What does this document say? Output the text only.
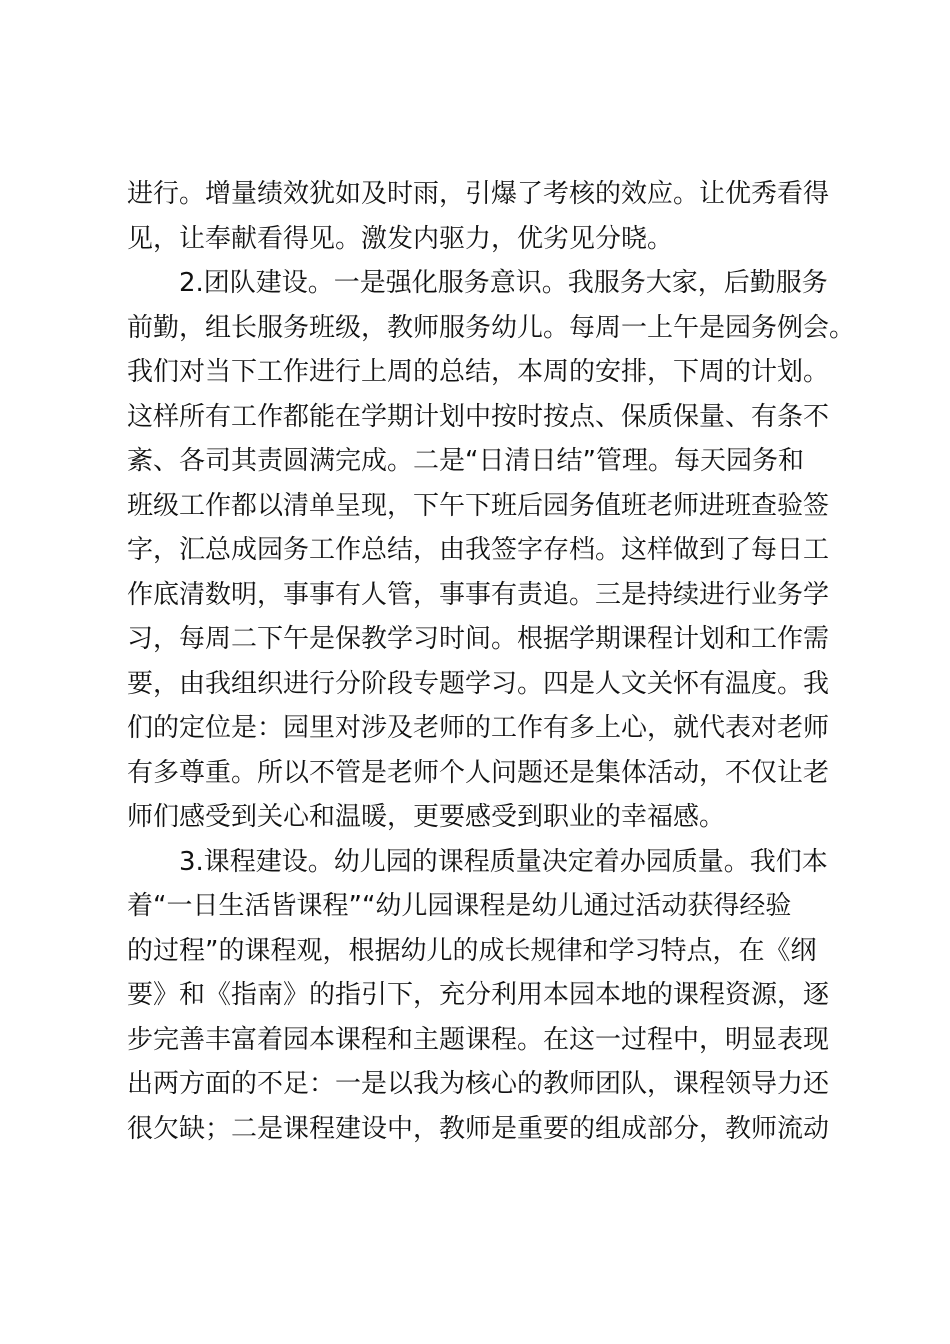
进行。增量绩效犹如及时雨，引爆了考核的效应。让优秀看得
见，让奉献看得见。激发内驱力，优劣见分晓。
2.团队建设。一是强化服务意识。我服务大家，后勤服务
前勤，组长服务班级，教师服务幼儿。每周一上午是园务例会。
我们对当下工作进行上周的总结，本周的安排，下周的计划。
这样所有工作都能在学期计划中按时按点、保质保量、有条不
紊、各司其责圆满完成。二是“日清日结”管理。每天园务和
班级工作都以清单呈现，下午下班后园务值班老师进班查验签
字，汇总成园务工作总结，由我签字存档。这样做到了每日工
作底清数明，事事有人管，事事有责追。三是持续进行业务学
习，每周二下午是保教学习时间。根据学期课程计划和工作需
要，由我组织进行分阶段专题学习。四是人文关怀有温度。我
们的定位是：园里对涉及老师的工作有多上心，就代表对老师
有多尊重。所以不管是老师个人问题还是集体活动，不仅让老
师们感受到关心和温暖，更要感受到职业的幸福感。
3.课程建设。幼儿园的课程质量决定着办园质量。我们本
着“一日生活皆课程”“幼儿园课程是幼儿通过活动获得经验
的过程”的课程观，根据幼儿的成长规律和学习特点，在《纲
要》和《指南》的指引下，充分利用本园本地的课程资源，逐
步完善丰富着园本课程和主题课程。在这一过程中，明显表现
出两方面的不足：一是以我为核心的教师团队，课程领导力还
很欠缺；二是课程建设中，教师是重要的组成部分，教师流动
